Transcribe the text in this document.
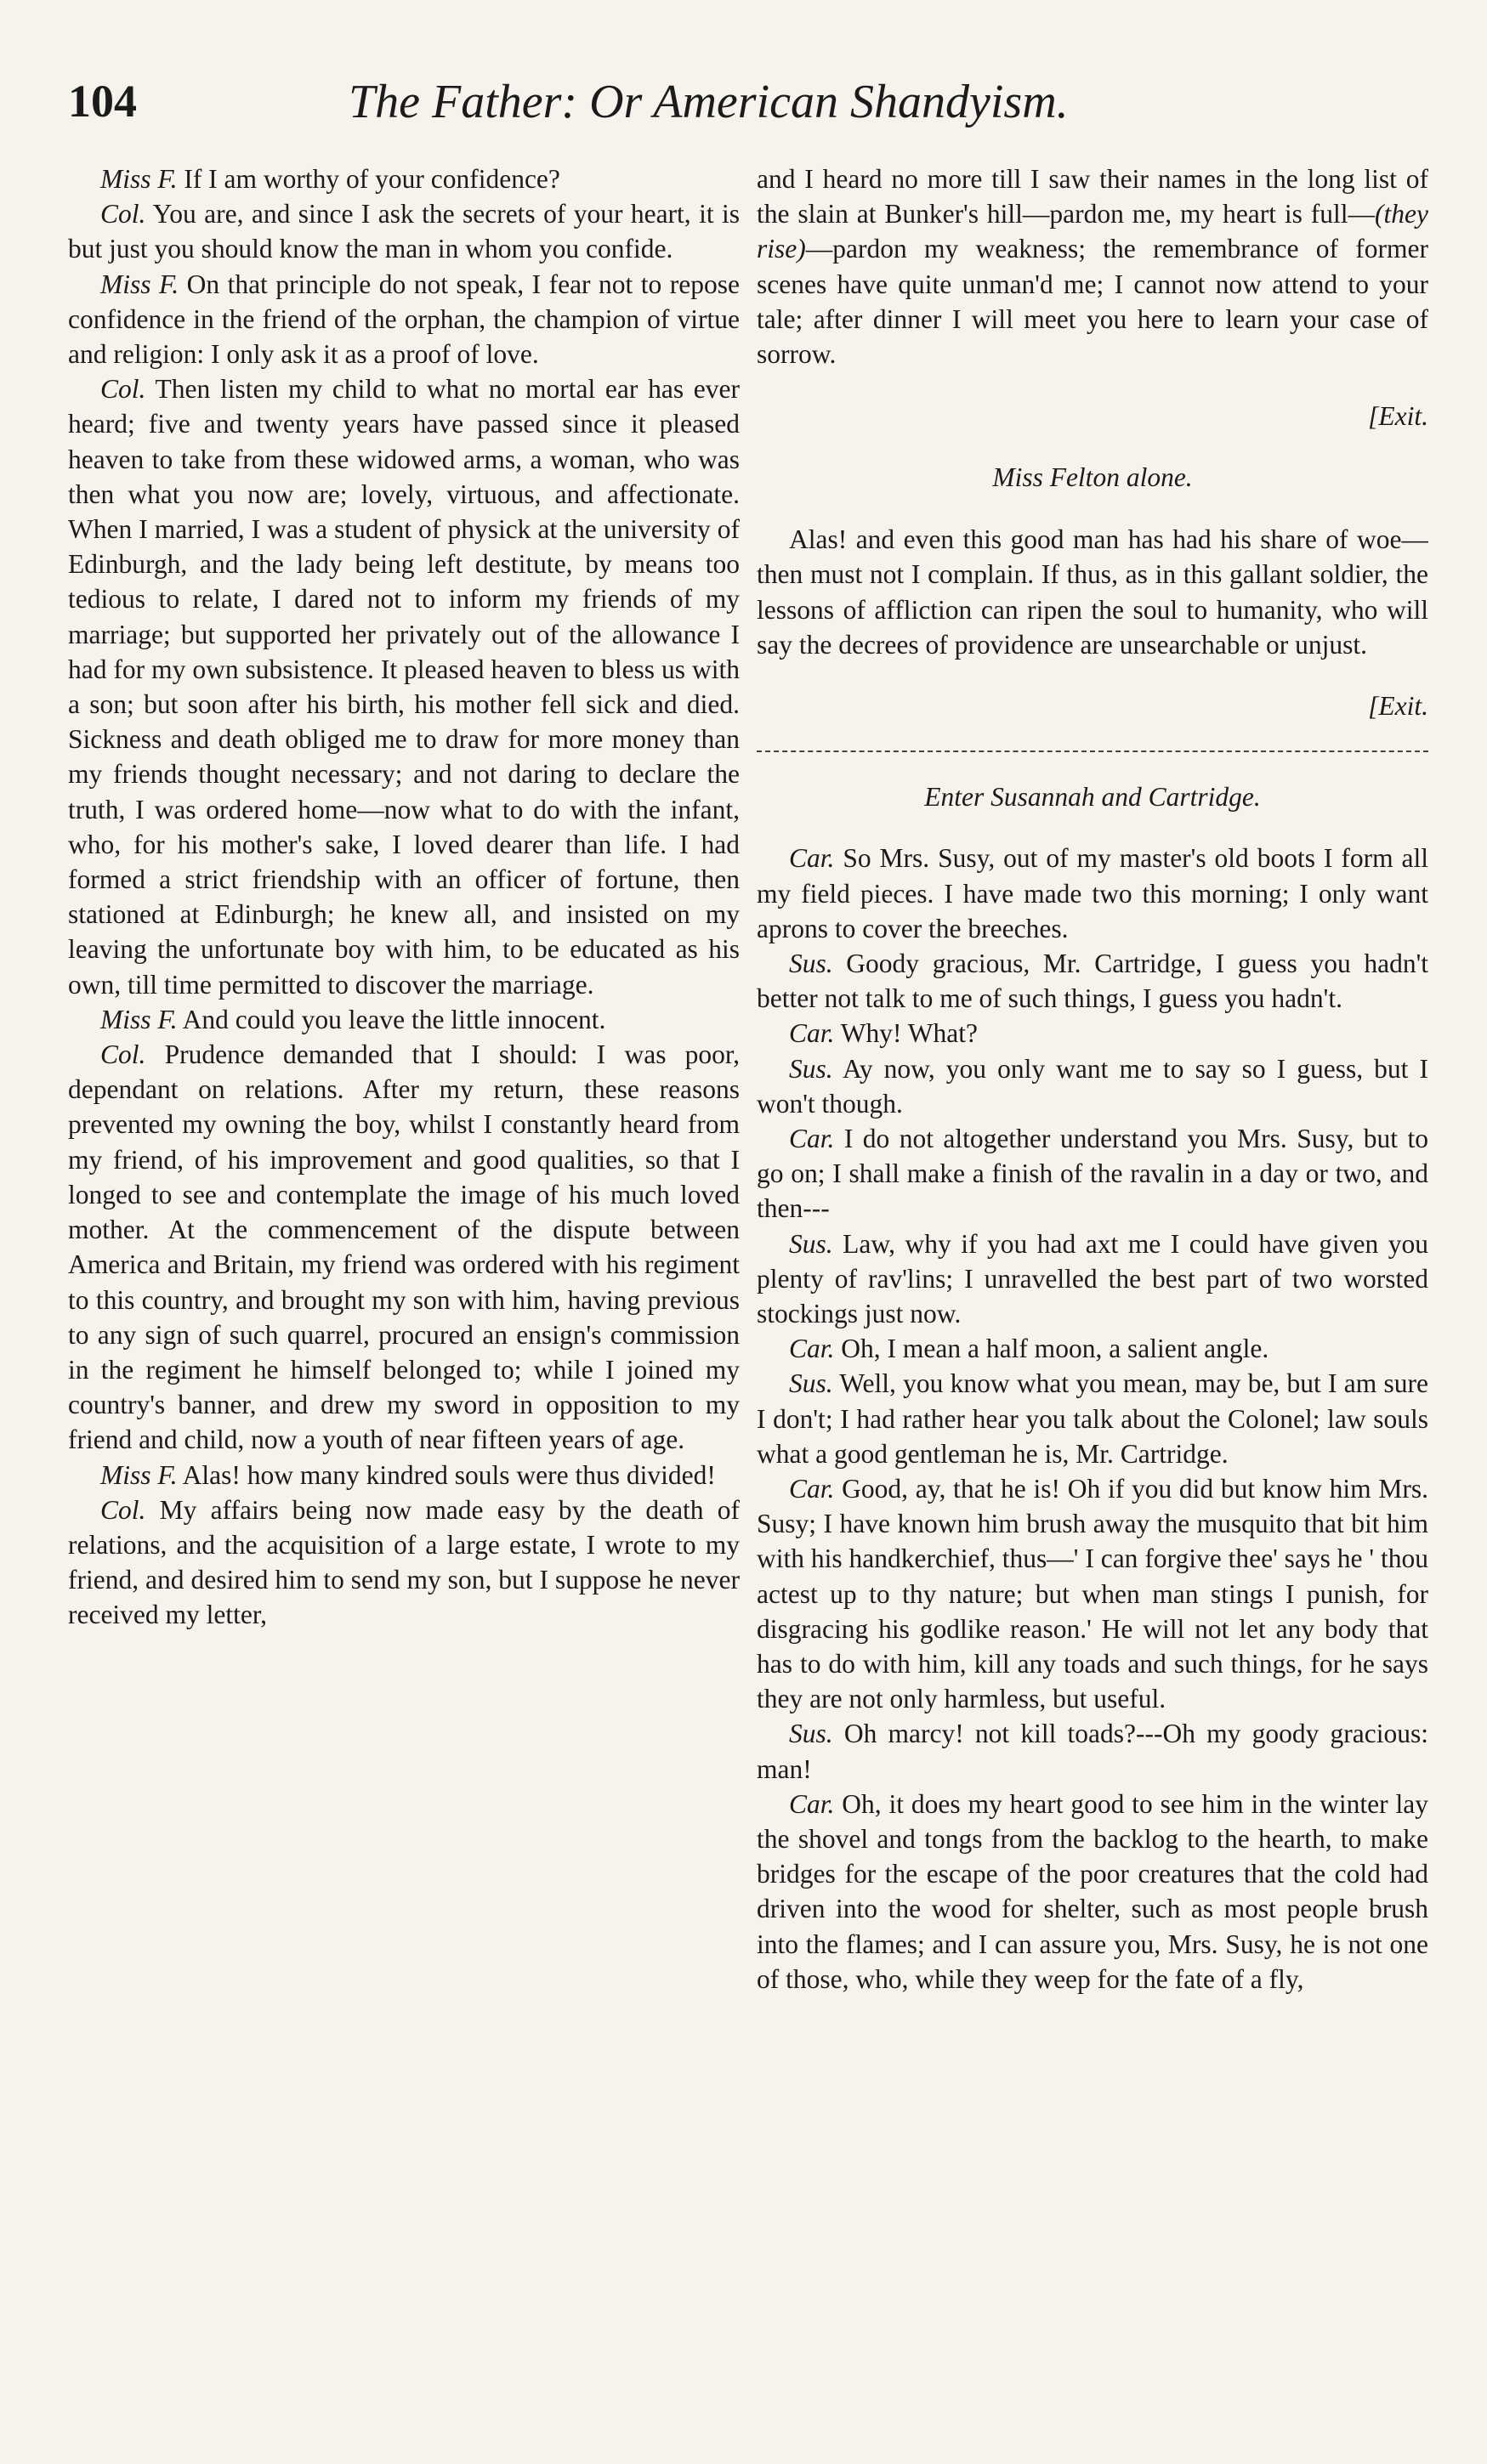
104	The Father: Or American Shandyism.

Miss F. If I am worthy of your confidence?

Col. You are, and since I ask the secrets of your heart, it is but just you should know the man in whom you confide.

Miss F. On that principle do not speak, I fear not to repose confidence in the friend of the orphan, the champion of virtue and religion: I only ask it as a proof of love.

Col. Then listen my child to what no mortal ear has ever heard; five and twenty years have passed since it pleased heaven to take from these widowed arms, a woman, who was then what you now are; lovely, virtuous, and affectionate. When I married, I was a student of physick at the university of Edinburgh, and the lady being left destitute, by means too tedious to relate, I dared not to inform my friends of my marriage; but supported her privately out of the allowance I had for my own subsistence. It pleased heaven to bless us with a son; but soon after his birth, his mother fell sick and died. Sickness and death obliged me to draw for more money than my friends thought necessary; and not daring to declare the truth, I was ordered home—now what to do with the infant, who, for his mother's sake, I loved dearer than life. I had formed a strict friendship with an officer of fortune, then stationed at Edinburgh; he knew all, and insisted on my leaving the unfortunate boy with him, to be educated as his own, till time permitted to discover the marriage.

Miss F. And could you leave the little innocent.

Col. Prudence demanded that I should: I was poor, dependant on relations. After my return, these reasons prevented my owning the boy, whilst I constantly heard from my friend, of his improvement and good qualities, so that I longed to see and contemplate the image of his much loved mother. At the commencement of the dispute between America and Britain, my friend was ordered with his regiment to this country, and brought my son with him, having previous to any sign of such quarrel, procured an ensign's commission in the regiment he himself belonged to; while I joined my country's banner, and drew my sword in opposition to my friend and child, now a youth of near fifteen years of age.

Miss F. Alas! how many kindred souls were thus divided!

Col. My affairs being now made easy by the death of relations, and the acquisition of a large estate, I wrote to my friend, and desired him to send my son, but I suppose he never received my letter,

and I heard no more till I saw their names in the long list of the slain at Bunker's hill—pardon me, my heart is full—(they rise)—pardon my weakness; the remembrance of former scenes have quite unman'd me; I cannot now attend to your tale; after dinner I will meet you here to learn your case of sorrow.

[Exit.

Miss Felton alone.

Alas! and even this good man has had his share of woe—then must not I complain. If thus, as in this gallant soldier, the lessons of affliction can ripen the soul to humanity, who will say the decrees of providence are unsearchable or unjust.

[Exit.

Enter Susannah and Cartridge.

Car. So Mrs. Susy, out of my master's old boots I form all my field pieces. I have made two this morning; I only want aprons to cover the breeches.

Sus. Goody gracious, Mr. Cartridge, I guess you hadn't better not talk to me of such things, I guess you hadn't.

Car. Why! What?

Sus. Ay now, you only want me to say so I guess, but I won't though.

Car. I do not altogether understand you Mrs. Susy, but to go on; I shall make a finish of the ravalin in a day or two, and then---

Sus. Law, why if you had axt me I could have given you plenty of rav'lins; I unravelled the best part of two worsted stockings just now.

Car. Oh, I mean a half moon, a salient angle.

Sus. Well, you know what you mean, may be, but I am sure I don't; I had rather hear you talk about the Colonel; law souls what a good gentleman he is, Mr. Cartridge.

Car. Good, ay, that he is! Oh if you did but know him Mrs. Susy; I have known him brush away the musquito that bit him with his handkerchief, thus—' I can forgive thee' says he ' thou actest up to thy nature; but when man stings I punish, for disgracing his godlike reason.' He will not let any body that has to do with him, kill any toads and such things, for he says they are not only harmless, but useful.

Sus. Oh marcy! not kill toads?---Oh my goody gracious: man!

Car. Oh, it does my heart good to see him in the winter lay the shovel and tongs from the backlog to the hearth, to make bridges for the escape of the poor creatures that the cold had driven into the wood for shelter, such as most people brush into the flames; and I can assure you, Mrs. Susy, he is not one of those, who, while they weep for the fate of a fly,
